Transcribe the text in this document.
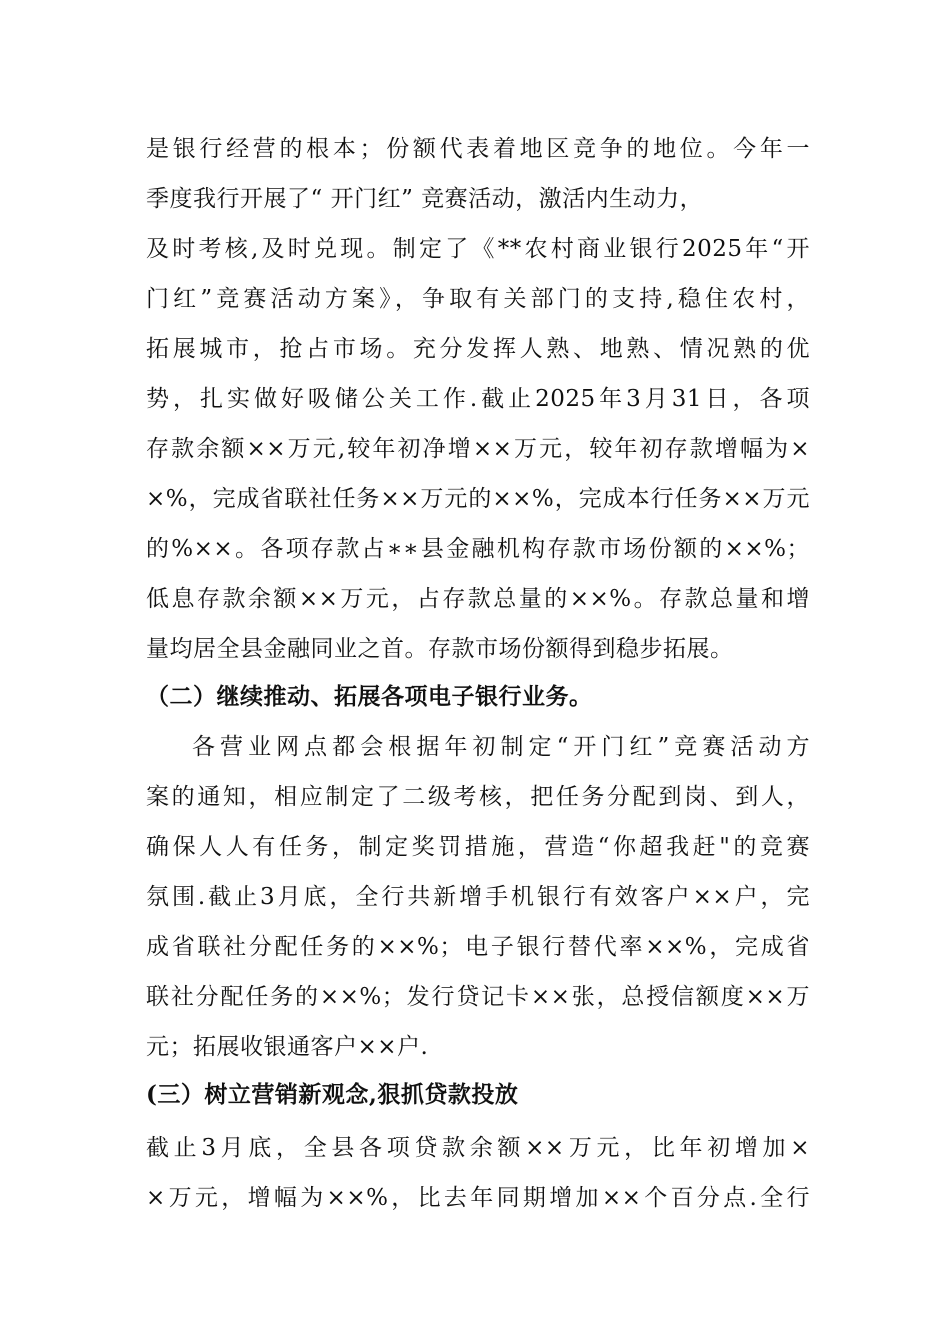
是银行经营的根本；份额代表着地区竞争的地位。今年一
季度我行开展了“ 开门红” 竞赛活动，激活内生动力，
及时考核,及时兑现。制定了《**农村商业银行2025年“开
门红”竞赛活动方案》，争取有关部门的支持,稳住农村，
拓展城市，抢占市场。充分发挥人熟、地熟、情况熟的优
势，扎实做好吸储公关工作.截止2025年3月31日，各项
存款余额××万元,较年初净增××万元，较年初存款增幅为×
×%，完成省联社任务××万元的××%，完成本行任务××万元
的%××。各项存款占∗∗县金融机构存款市场份额的××%；
低息存款余额××万元，占存款总量的××%。存款总量和增
量均居全县金融同业之首。存款市场份额得到稳步拓展。
（二）继续推动、拓展各项电子银行业务。
各营业网点都会根据年初制定“开门红”竞赛活动方
案的通知，相应制定了二级考核，把任务分配到岗、到人，
确保人人有任务，制定奖罚措施，营造“你超我赶"的竞赛
氛围.截止3月底，全行共新增手机银行有效客户××户，完
成省联社分配任务的××%；电子银行替代率××%，完成省
联社分配任务的××%；发行贷记卡××张，总授信额度××万
元；拓展收银通客户××户.
(三）树立营销新观念,狠抓贷款投放
截止3月底，全县各项贷款余额××万元，比年初增加×
×万元，增幅为××%，比去年同期增加××个百分点.全行
